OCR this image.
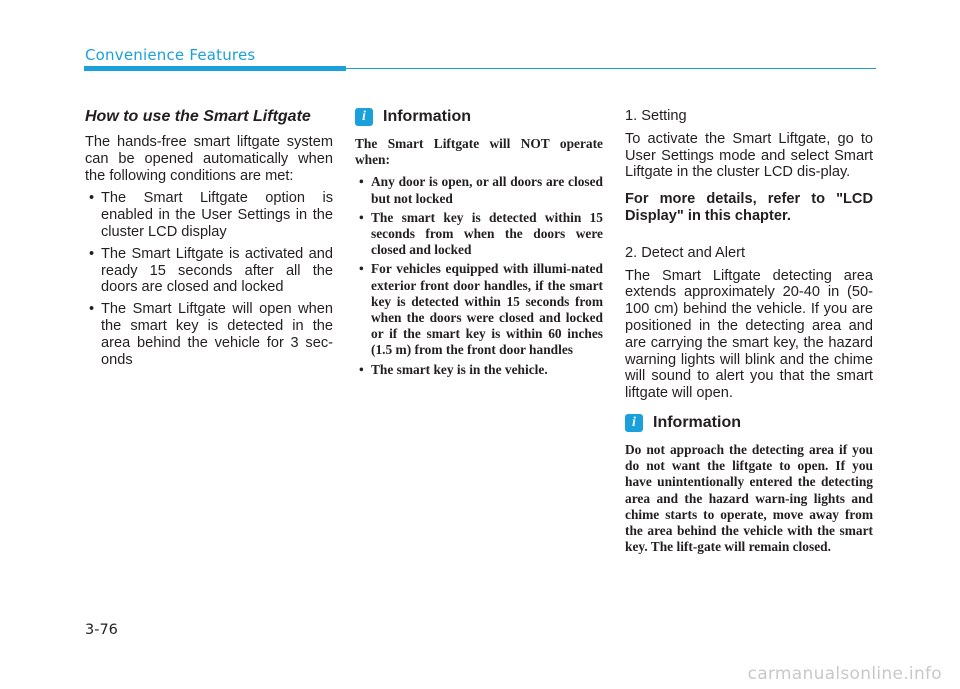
Convenience Features
How to use the Smart Liftgate

The hands-free smart liftgate system can be opened automatically when the following conditions are met:

• The Smart Liftgate option is enabled in the User Settings in the cluster LCD display
• The Smart Liftgate is activated and ready 15 seconds after all the doors are closed and locked
• The Smart Liftgate will open when the smart key is detected in the area behind the vehicle for 3 sec-onds
i	Information

The Smart Liftgate will NOT operate when:

• Any door is open, or all doors are closed but not locked
• The smart key is detected within 15 seconds from when the doors were closed and locked
• For vehicles equipped with illumi-nated exterior front door handles, if the smart key is detected within 15 seconds from when the doors were closed and locked or if the smart key is within 60 inches (1.5 m) from the front door handles
• The smart key is in the vehicle.

1. Setting

To activate the Smart Liftgate, go to User Settings mode and select Smart Liftgate in the cluster LCD dis-play.

For more details, refer to "LCD Display" in this chapter.

2. Detect and Alert

The Smart Liftgate detecting area extends approximately 20-40 in (50-100 cm) behind the vehicle. If you are positioned in the detecting area and are carrying the smart key, the hazard warning lights will blink and the chime will sound to alert you that the smart liftgate will open.

i	Information

Do not approach the detecting area if you do not want the liftgate to open. If you have unintentionally entered the detecting area and the hazard warn-ing lights and chime starts to operate, move away from the area behind the vehicle with the smart key. The lift-gate will remain closed.

3-76
carmanualsonline.info
